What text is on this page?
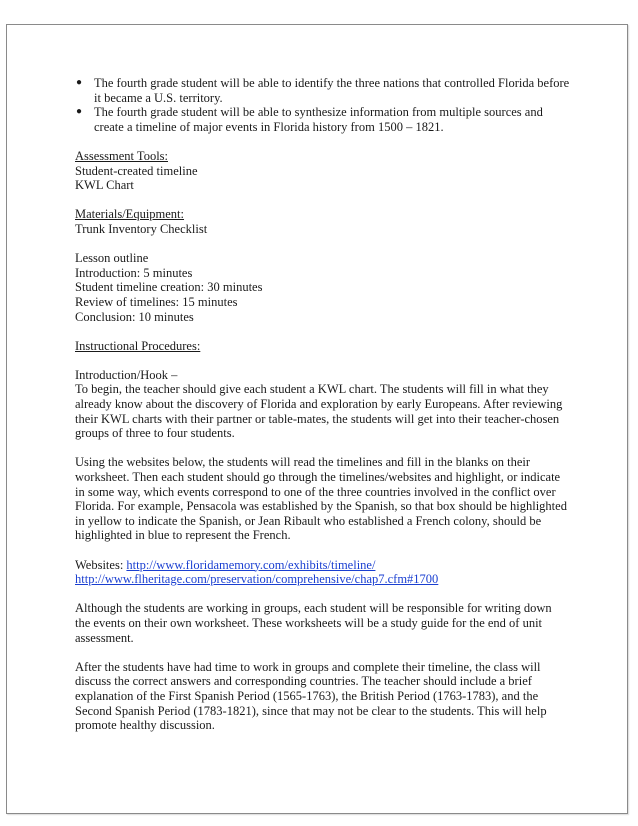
● The fourth grade student will be able to identify the three nations that controlled Florida before it became a U.S. territory.
● The fourth grade student will be able to synthesize information from multiple sources and create a timeline of major events in Florida history from 1500 – 1821.

Assessment Tools:

Student-created timeline

KWL Chart

Materials/Equipment:

Trunk Inventory Checklist

Lesson outline

Introduction: 5 minutes

Student timeline creation: 30 minutes

Review of timelines: 15 minutes

Conclusion: 10 minutes

Instructional Procedures:

Introduction/Hook –

To begin, the teacher should give each student a KWL chart. The students will fill in what they already know about the discovery of Florida and exploration by early Europeans. After reviewing their KWL charts with their partner or table-mates, the students will get into their teacher-chosen groups of three to four students.

Using the websites below, the students will read the timelines and fill in the blanks on their worksheet. Then each student should go through the timelines/websites and highlight, or indicate in some way, which events correspond to one of the three countries involved in the conflict over Florida. For example, Pensacola was established by the Spanish, so that box should be highlighted in yellow to indicate the Spanish, or Jean Ribault who established a French colony, should be highlighted in blue to represent the French.

Websites: http://www.floridamemory.com/exhibits/timeline/

http://www.flheritage.com/preservation/comprehensive/chap7.cfm#1700

Although the students are working in groups, each student will be responsible for writing down the events on their own worksheet. These worksheets will be a study guide for the end of unit assessment.

After the students have had time to work in groups and complete their timeline, the class will discuss the correct answers and corresponding countries. The teacher should include a brief explanation of the First Spanish Period (1565-1763), the British Period (1763-1783), and the Second Spanish Period (1783-1821), since that may not be clear to the students. This will help promote healthy discussion.
